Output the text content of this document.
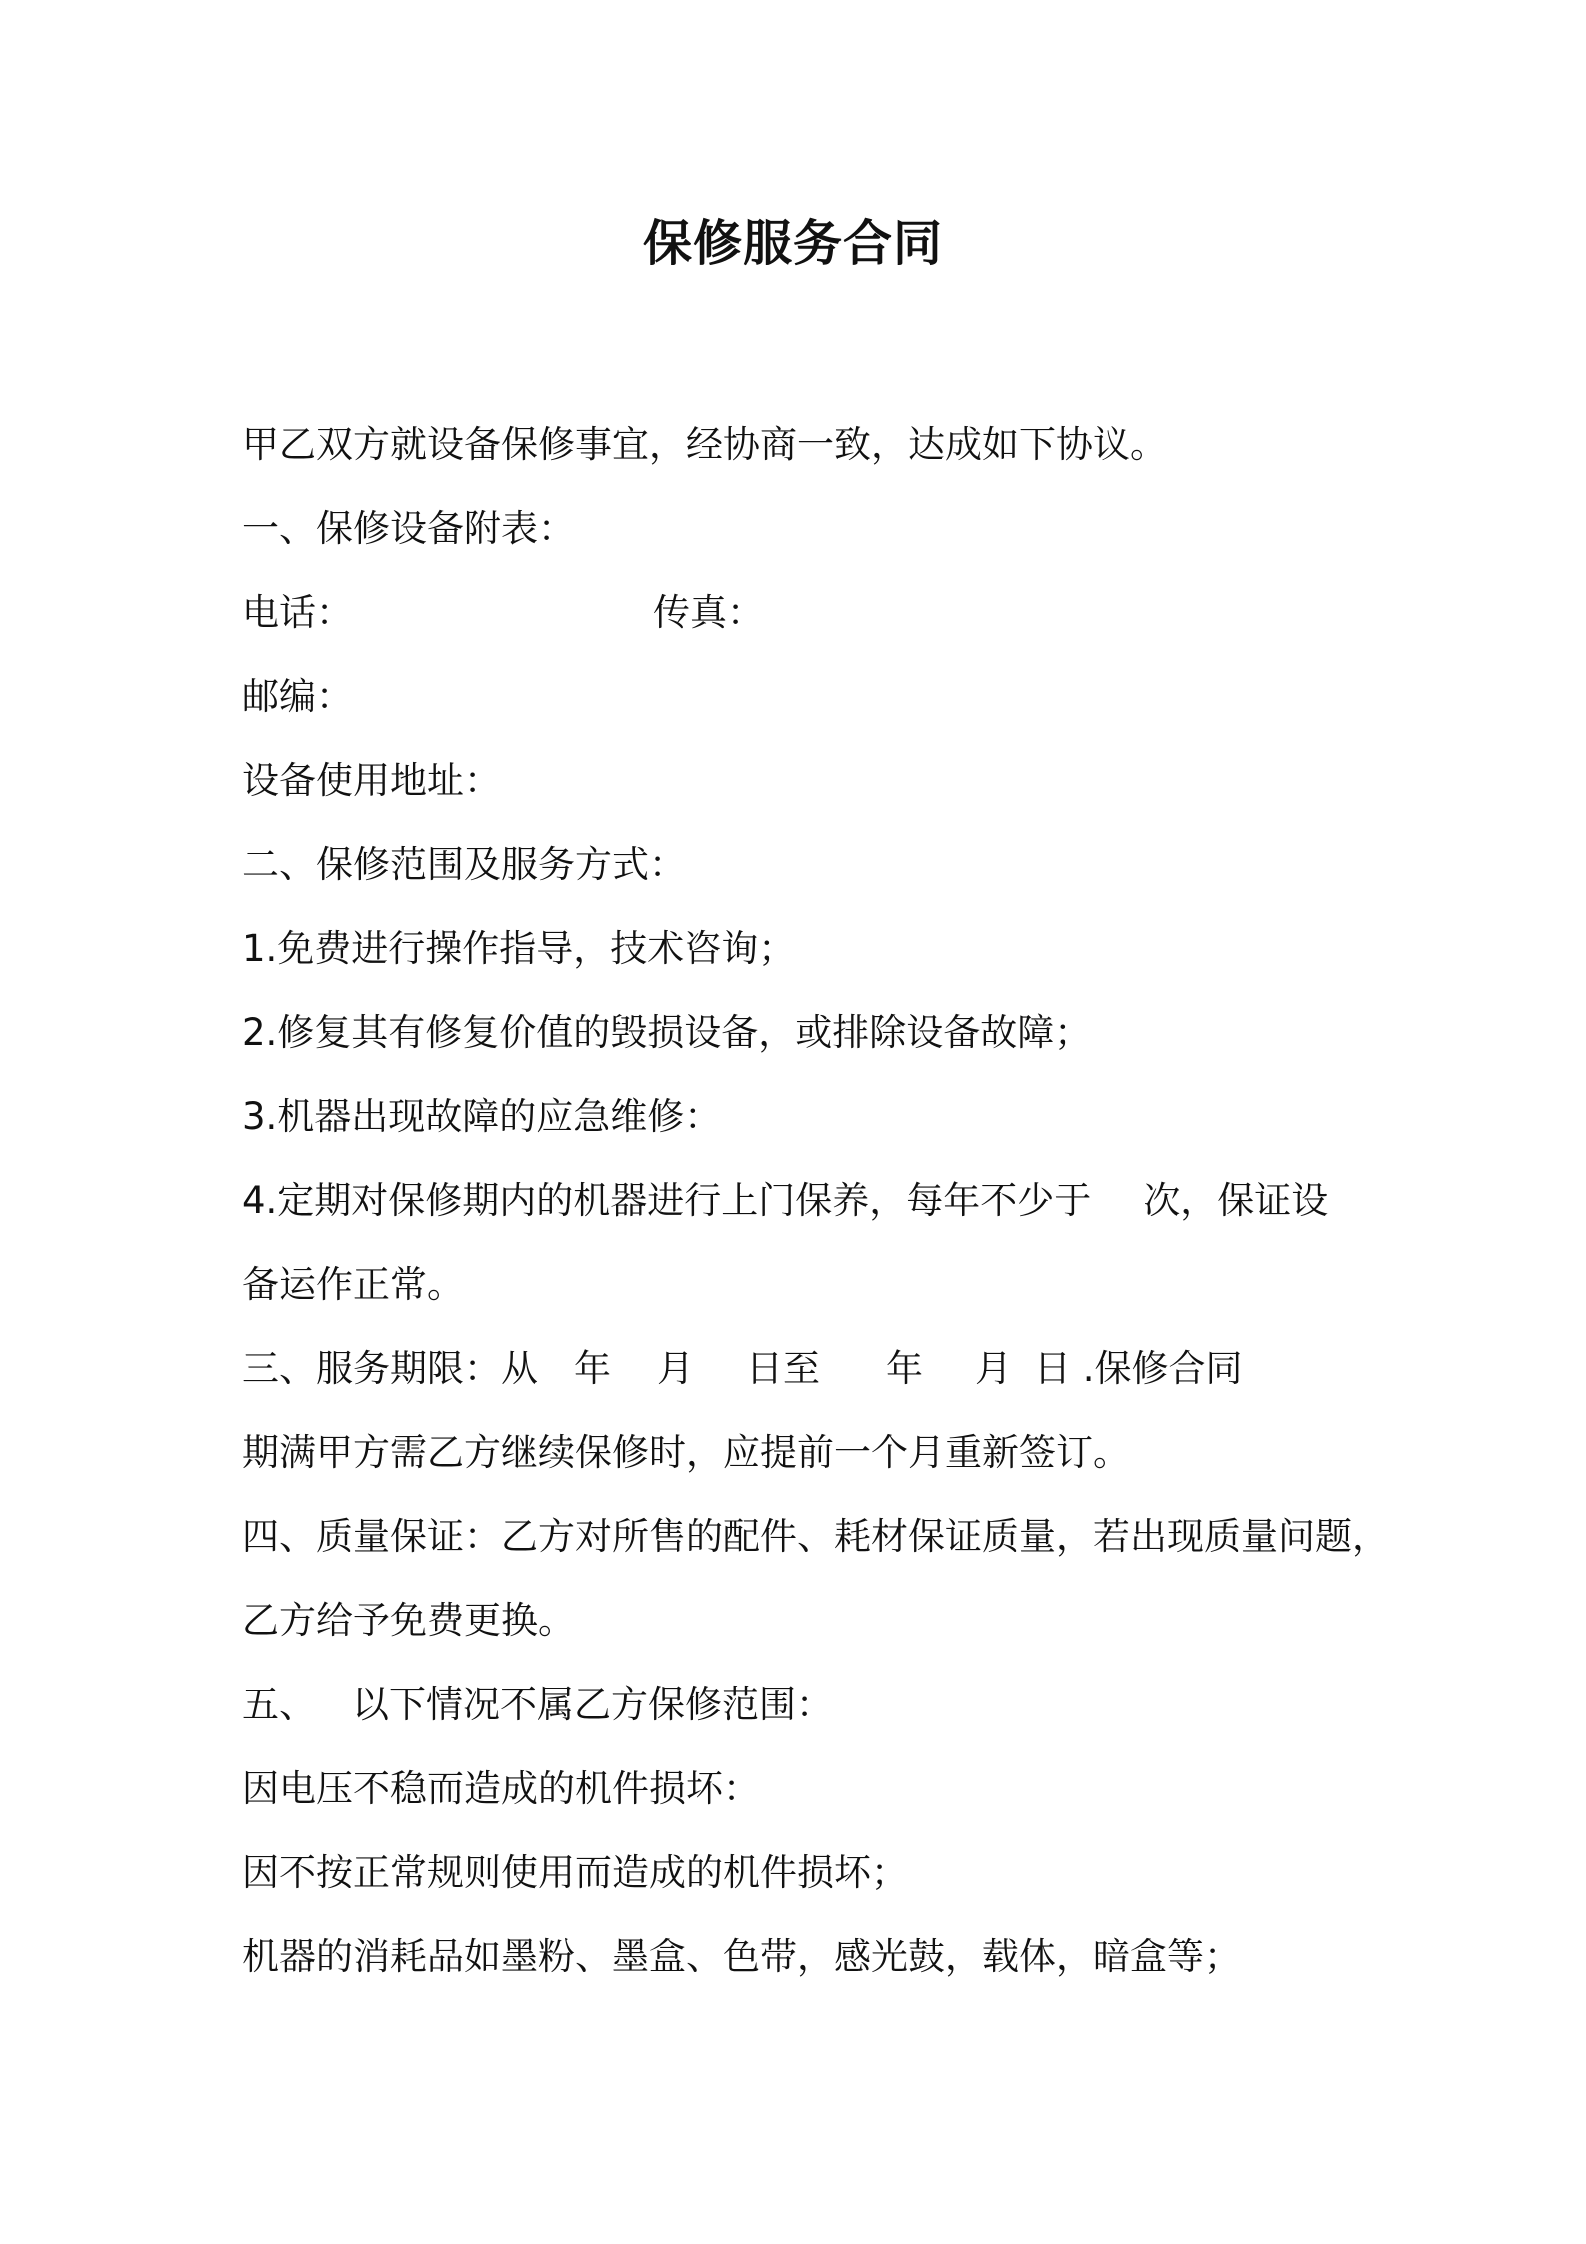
保修服务合同
甲乙双方就设备保修事宜，经协商一致，达成如下协议。
一、保修设备附表：
电话：	传真：
邮编：
设备使用地址：
二、保修范围及服务方式：
1.免费进行操作指导，技术咨询；
2.修复其有修复价值的毁损设备，或排除设备故障；
3.机器出现故障的应急维修：
4.定期对保修期内的机器进行上门保养，每年不少于 次，保证设
备运作正常。
三、服务期限：从 年 月 日至 年 月 日 .保修合同
期满甲方需乙方继续保修时，应提前一个月重新签订。
四、质量保证：乙方对所售的配件、耗材保证质量，若出现质量问题，
乙方给予免费更换。
五、 以下情况不属乙方保修范围：
因电压不稳而造成的机件损坏：
因不按正常规则使用而造成的机件损坏；
机器的消耗品如墨粉、墨盒、色带，感光鼓，载体，暗盒等；
